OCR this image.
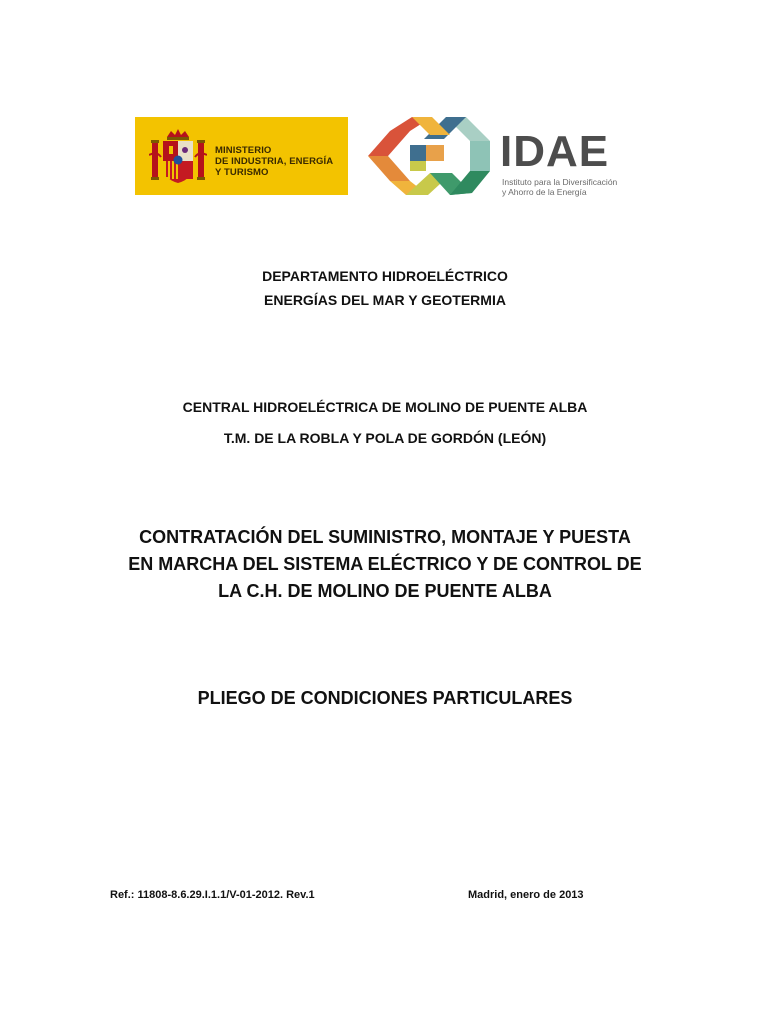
MINISTERIO
DE INDUSTRIA, ENERGÍA
Y TURISMO	IDAE
Instituto para la Diversificación
y Ahorro de la Energía
DEPARTAMENTO HIDROELÉCTRICO
ENERGÍAS DEL MAR Y GEOTERMIA
CENTRAL HIDROELÉCTRICA DE MOLINO DE PUENTE ALBA
T.M. DE LA ROBLA Y POLA DE GORDÓN (LEÓN)
CONTRATACIÓN DEL SUMINISTRO, MONTAJE Y PUESTA
EN MARCHA DEL SISTEMA ELÉCTRICO Y DE CONTROL DE
LA C.H. DE MOLINO DE PUENTE ALBA
PLIEGO DE CONDICIONES PARTICULARES
Ref.: 11808-8.6.29.I.1.1/V-01-2012. Rev.1	Madrid, enero de 2013
